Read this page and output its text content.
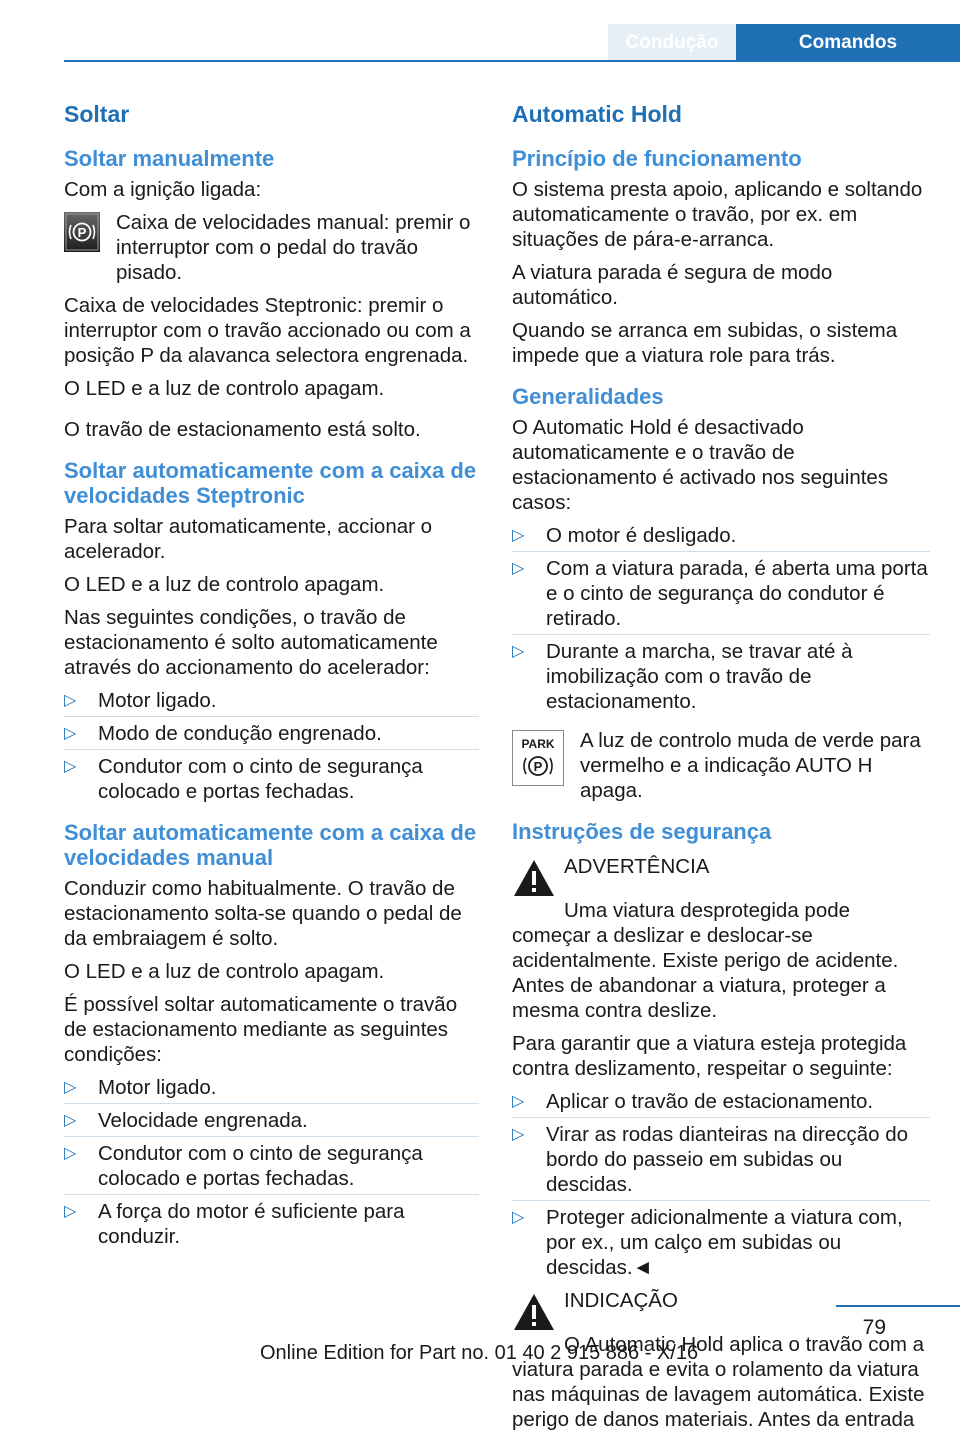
Condução	Comandos
Soltar
Soltar manualmente

Com a ignição ligada:

P Caixa de velocidades manual: premir o interruptor com o pedal do travão pisado.

Caixa de velocidades Steptronic: premir o interruptor com o travão accionado ou com a posição P da alavanca selectora engrenada.

O LED e a luz de controlo apagam.

O travão de estacionamento está solto.

Soltar automaticamente com a caixa de velocidades Steptronic

Para soltar automaticamente, accionar o acelerador.

O LED e a luz de controlo apagam.

Nas seguintes condições, o travão de estacionamento é solto automaticamente através do accionamento do acelerador:

▷ Motor ligado.
▷ Modo de condução engrenado.
▷ Condutor com o cinto de segurança colocado e portas fechadas.
Soltar automaticamente com a caixa de velocidades manual

Conduzir como habitualmente. O travão de estacionamento solta-se quando o pedal de da embraiagem é solto.

O LED e a luz de controlo apagam.

É possível soltar automaticamente o travão de estacionamento mediante as seguintes condições:

▷ Motor ligado.
▷ Velocidade engrenada.
▷ Condutor com o cinto de segurança colocado e portas fechadas.
▷ A força do motor é suficiente para conduzir.
Automatic Hold
Princípio de funcionamento

O sistema presta apoio, aplicando e soltando automaticamente o travão, por ex. em situações de pára-e-arranca.

A viatura parada é segura de modo automático.

Quando se arranca em subidas, o sistema impede que a viatura role para trás.

Generalidades

O Automatic Hold é desactivado automaticamente e o travão de estacionamento é activado nos seguintes casos:

▷ O motor é desligado.
▷ Com a viatura parada, é aberta uma porta e o cinto de segurança do condutor é retirado.
▷ Durante a marcha, se travar até à imobilização com o travão de estacionamento.
PARK
P
A luz de controlo muda de verde para vermelho e a indicação AUTO H apaga.
Instruções de segurança
ADVERTÊNCIA

Uma viatura desprotegida pode começar a deslizar e deslocar-se acidentalmente. Existe perigo de acidente. Antes de abandonar a viatura, proteger a mesma contra deslize.

Para garantir que a viatura esteja protegida contra deslizamento, respeitar o seguinte:

▷ Aplicar o travão de estacionamento.
▷ Virar as rodas dianteiras na direcção do bordo do passeio em subidas ou descidas.
▷ Proteger adicionalmente a viatura com, por ex., um calço em subidas ou descidas.◄
INDICAÇÃO

O Automatic Hold aplica o travão com a viatura parada e evita o rolamento da viatura nas máquinas de lavagem automática. Existe perigo de danos materiais. Antes da entrada

79
Online Edition for Part no. 01 40 2 915 886 - X/16
